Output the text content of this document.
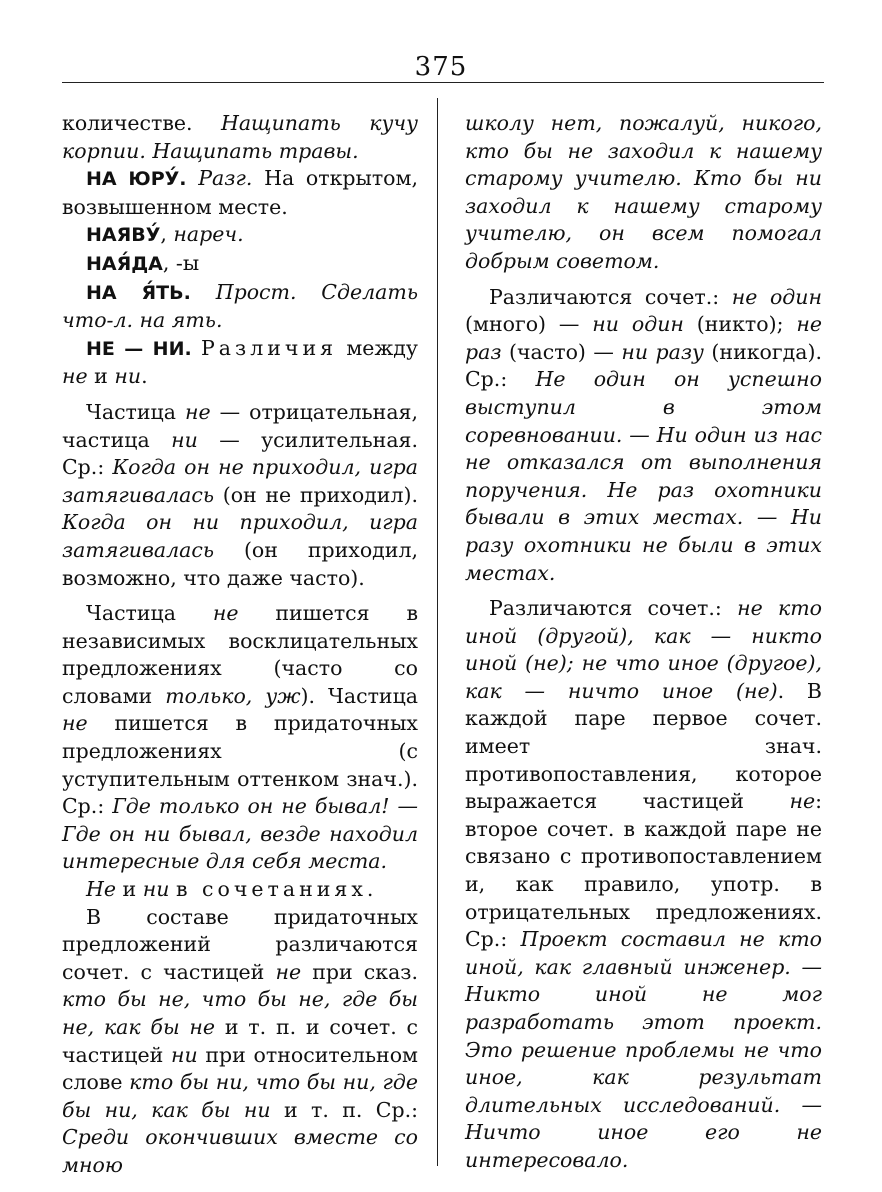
375

количестве. Нащипать кучу корпии. Нащипать травы.

НА ЮРУ́. Разг. На открытом, возвышенном месте.

НАЯВУ́, нареч.

НАЯ́ДА, -ы

НА Я́ТЬ. Прост. Сделать что-л. на ять.

НЕ — НИ. Различия между не и ни.

Частица не — отрицательная, частица ни — усилительная. Ср.: Когда он не приходил, игра затягивалась (он не приходил). Когда он ни приходил, игра затягивалась (он приходил, возможно, что даже часто).

Частица не пишется в независимых восклицательных предложениях (часто со словами только, уж). Частица не пишется в придаточных предложениях (с уступительным оттенком знач.). Ср.: Где только он не бывал! — Где он ни бывал, везде находил интересные для себя места.

Не и ни в сочетаниях.

В составе придаточных предложений различаются сочет. с частицей не при сказ. кто бы не, что бы не, где бы не, как бы не и т. п. и сочет. с частицей ни при относительном слове кто бы ни, что бы ни, где бы ни, как бы ни и т. п. Ср.: Среди окончивших вместе со мною

школу нет, пожалуй, никого, кто бы не заходил к нашему старому учителю. Кто бы ни заходил к нашему старому учителю, он всем помогал добрым советом.

Различаются сочет.: не один (много) — ни один (никто); не раз (часто) — ни разу (никогда). Ср.: Не один он успешно выступил в этом соревновании. — Ни один из нас не отказался от выполнения поручения. Не раз охотники бывали в этих местах. — Ни разу охотники не были в этих местах.

Различаются сочет.: не кто иной (другой), как — никто иной (не); не что иное (другое), как — ничто иное (не). В каждой паре первое сочет. имеет знач. противопоставления, которое выражается частицей не: второе сочет. в каждой паре не связано с противопоставлением и, как правило, употр. в отрицательных предложениях. Ср.: Проект составил не кто иной, как главный инженер. — Никто иной не мог разработать этот проект. Это решение проблемы не что иное, как результат длительных исследований. — Ничто иное его не интересовало.
